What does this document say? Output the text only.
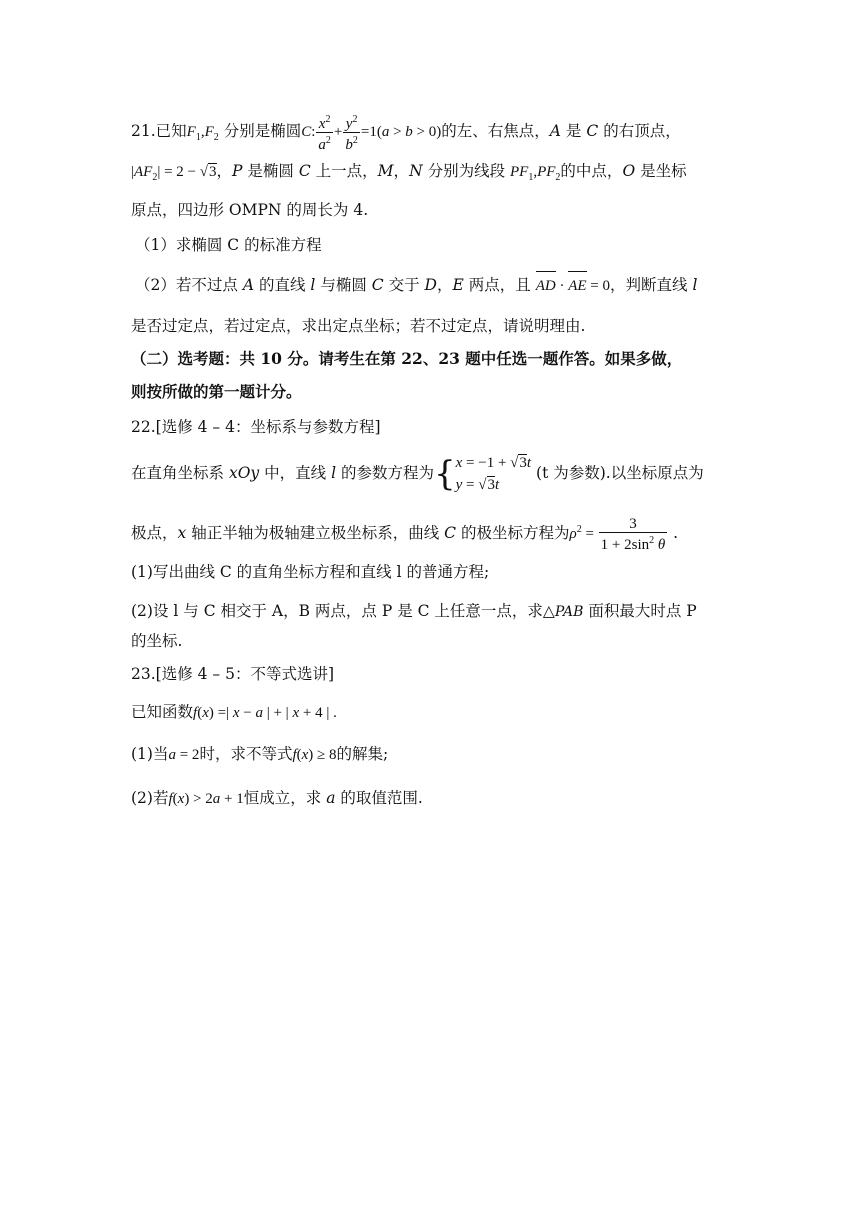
21.已知$F_1,F_2$ 分别是椭圆C: $\frac{x^2}{a^2} + \frac{y^2}{b^2} =1(a > b > 0)$的左、右焦点，A 是 C 的右顶点，
$|AF_2| = 2 - √3$，P 是椭圆 C 上一点，M，N 分别为线段 $PF_1,PF_2$的中点，O 是坐标
原点，四边形 OMPN 的周长为 4.
（1）求椭圆 C 的标准方程
（2）若不过点 A 的直线 l 与椭圆 C 交于 D，E 两点，且 AD · AE = 0，判断直线 l
是否过定点，若过定点，求出定点坐标；若不过定点，请说明理由.
（二）选考题：共 10 分。请考生在第 22、23 题中任选一题作答。如果多做，
则按所做的第一题计分。
22.[选修 4 – 4：坐标系与参数方程]
在直角坐标系 xOy 中，直线 l 的参数方程为{ x = −1 + √3t
y = √3t
(t 为参数).以坐标原点为
极点，x 轴正半轴为极轴建立极坐标系，曲线 C 的极坐标方程为$\rho^2 = \frac{3}{1 + 2\sin^2 \theta}$ .
(1)写出曲线 C 的直角坐标方程和直线 l 的普通方程;
(2)设 l 与 C 相交于 A，B 两点，点 P 是 C 上任意一点，求△PAB 面积最大时点 P
的坐标.
23.[选修 4 – 5：不等式选讲]
已知函数f(x) =| x − a | + | x + 4 | .
(1)当a = 2时，求不等式f(x) ≥ 8的解集;
(2)若f(x) > 2a + 1恒成立，求 a 的取值范围.
